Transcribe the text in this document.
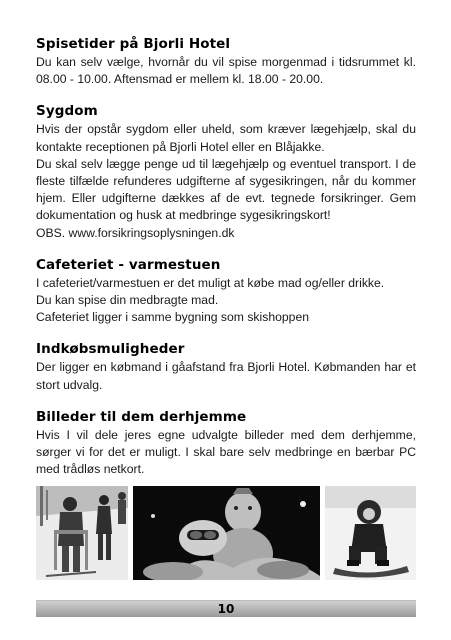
Spisetider på Bjorli Hotel

Du kan selv vælge, hvornår du vil spise morgenmad i tidsrummet kl. 08.00 - 10.00. Aftensmad er mellem kl. 18.00 - 20.00.

Sygdom

Hvis der opstår sygdom eller uheld, som kræver lægehjælp, skal du kontakte receptionen på Bjorli Hotel eller en Blåjakke.

Du skal selv lægge penge ud til lægehjælp og eventuel transport. I de fleste tilfælde refunderes udgifterne af sygesikringen, når du kommer hjem. Eller udgifterne dækkes af de evt. tegnede forsikringer. Gem dokumentation og husk at medbringe sygesikringskort!

OBS. www.forsikringsoplysningen.dk

Cafeteriet - varmestuen

I cafeteriet/varmestuen er det muligt at købe mad og/eller drikke.

Du kan spise din medbragte mad.

Cafeteriet ligger i samme bygning som skishoppen

Indkøbsmuligheder

Der ligger en købmand i gåafstand fra Bjorli Hotel. Købmanden har et stort udvalg.

Billeder til dem derhjemme

Hvis I vil dele jeres egne udvalgte billeder med dem derhjemme, sørger vi for det er muligt. I skal bare selv medbringe en bærbar PC med trådløs netkort.

10
